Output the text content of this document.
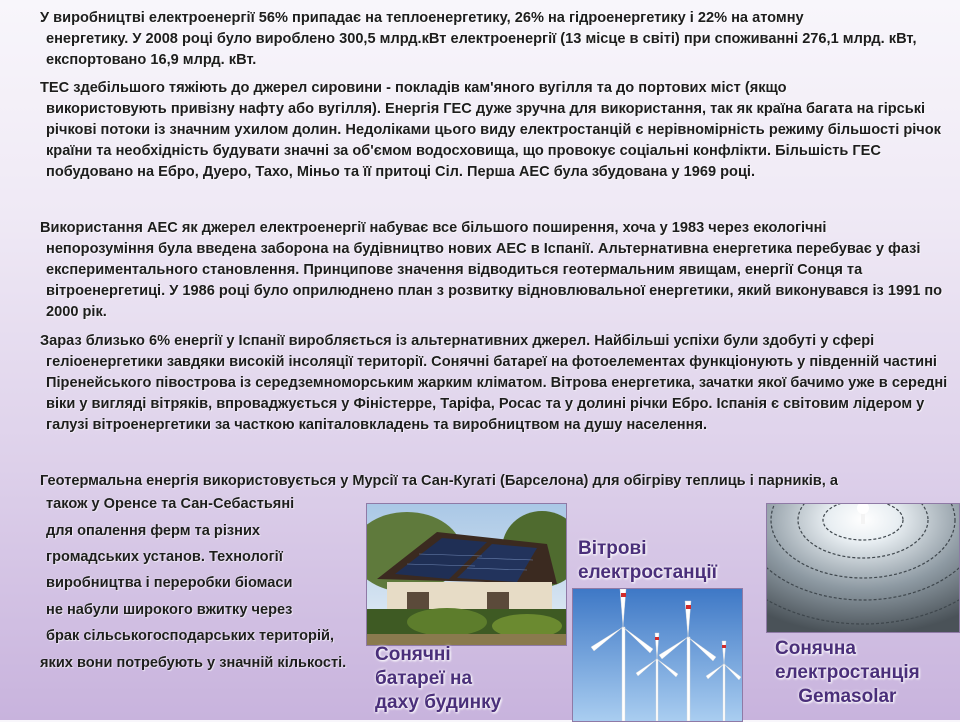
У виробництві електроенергії 56% припадає на теплоенергетику, 26% на гідроенергетику і 22% на атомну
енергетику. У 2008 році було вироблено 300,5 млрд.кВт електроенергії (13 місце в світі) при споживанні 276,1 млрд. кВт, експортовано 16,9 млрд. кВт.
ТЕС здебільшого тяжіють до джерел сировини - покладів кам'яного вугілля та до портових міст (якщо
використовують привізну нафту або вугілля). Енергія ГЕС дуже зручна для використання, так як країна багата на гірські річкові потоки із значним ухилом долин. Недоліками цього виду електростанцій є нерівномірність режиму більшості річок країни та необхідність будувати значні за об'ємом водосховища, що провокує соціальні конфлікти. Більшість ГЕС побудовано на Ебро, Дуеро, Тахо, Міньо та її притоці Сіл. Перша АЕС була збудована у 1969 році.
Використання АЕС як джерел електроенергії набуває все більшого поширення, хоча у 1983 через екологічні
непорозуміння була введена заборона на будівництво нових АЕС в Іспанії. Альтернативна енергетика перебуває у фазі експериментального становлення. Принципове значення відводиться геотермальним явищам, енергії Сонця та вітроенергетиці. У 1986 році було оприлюднено план з розвитку відновлювальної енергетики, який виконувався із 1991 по 2000 рік.
Зараз близько 6% енергії у Іспанії виробляється із альтернативних джерел. Найбільші успіхи були здобуті у сфері
геліоенергетики завдяки високій інсоляції території. Сонячні батареї на фотоелементах функціонують у південній частині Піренейського півострова із середземноморським жарким кліматом. Вітрова енергетика, зачатки якої бачимо уже в середні віки у вигляді вітряків, впроваджується у Фіністерре, Таріфа, Росас та у долині річки Ебро. Іспанія є світовим лідером у галузі вітроенергетики за часткою капіталовкладень та виробництвом на душу населення.
Геотермальна енергія використовується у Мурсії та Сан-Кугаті (Барселона) для обігріву теплиць і парників, а
також у Оренсе та Сан-Себастьяні
для опалення ферм та різних
громадських установ. Технології
виробництва і переробки біомаси
не набули широкого вжитку через
брак сільськогосподарських територій,
яких вони потребують у значній кількості. Сонячні
батареї на
даху будинку
Вітрові
електростанції
Сонячна
електростанція
Gemasolar
